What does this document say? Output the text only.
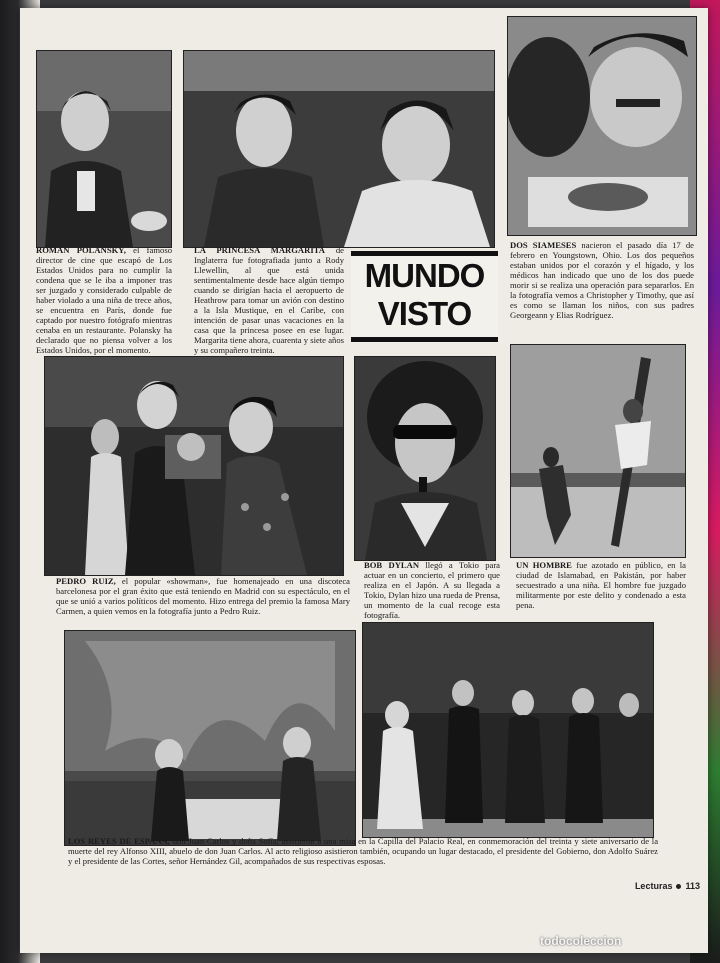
ROMAN POLANSKY, el famoso director de cine que escapó de Los Estados Unidos para no cumplir la condena que se le iba a imponer tras ser juzgado y considerado culpable de haber violado a una niña de trece años, se encuentra en París, donde fue captado por nuestro fotógrafo mientras cenaba en un restaurante. Polansky ha declarado que no piensa volver a los Estados Unidos, por el momento.
LA PRINCESA MARGARITA de Inglaterra fue fotografiada junto a Rody Llewellin, al que está unida sentimentalmente desde hace algún tiempo cuando se dirigían hacia el aeropuerto de Heathrow para tomar un avión con destino a la Isla Mustique, en el Caribe, con intención de pasar unas vacaciones en la casa que la princesa posee en ese lugar. Margarita tiene ahora, cuarenta y siete años y su compañero treinta.
MUNDO
VISTO
DOS SIAMESES nacieron el pasado día 17 de febrero en Youngstown, Ohio. Los dos pequeños estaban unidos por el corazón y el hígado, y los médicos han indicado que uno de los dos puede morir si se realiza una operación para separarlos. En la fotografía vemos a Christopher y Timothy, que así es como se llaman los niños, con sus padres Georgeann y Elias Rodríguez.
PEDRO RUIZ, el popular «showman», fue homenajeado en una discoteca barcelonesa por el gran éxito que está teniendo en Madrid con su espectáculo, en el que se unió a varios políticos del momento. Hizo entrega del premio la famosa Mary Carmen, a quien vemos en la fotografía junto a Pedro Ruiz.
BOB DYLAN llegó a Tokio para actuar en un concierto, el primero que realiza en el Japón. A su llegada a Tokio, Dylan hizo una rueda de Prensa, un momento de la cual recoge esta fotografía.
UN HOMBRE fue azotado en público, en la ciudad de Islamabad, en Pakistán, por haber secuestrado a una niña. El hombre fue juzgado militarmente por este delito y condenado a esta pena.
LOS REYES DE ESPAÑA, don Juan Carlos y doña Sofía, asistieron a una misa en la Capilla del Palacio Real, en conmemoración del treinta y siete aniversario de la muerte del rey Alfonso XIII, abuelo de don Juan Carlos. Al acto religioso asistieron también, ocupando un lugar destacado, el presidente del Gobierno, don Adolfo Suárez y el presidente de las Cortes, señor Hernández Gil, acompañados de sus respectivas esposas.
Lecturas 113
todocoleccion
